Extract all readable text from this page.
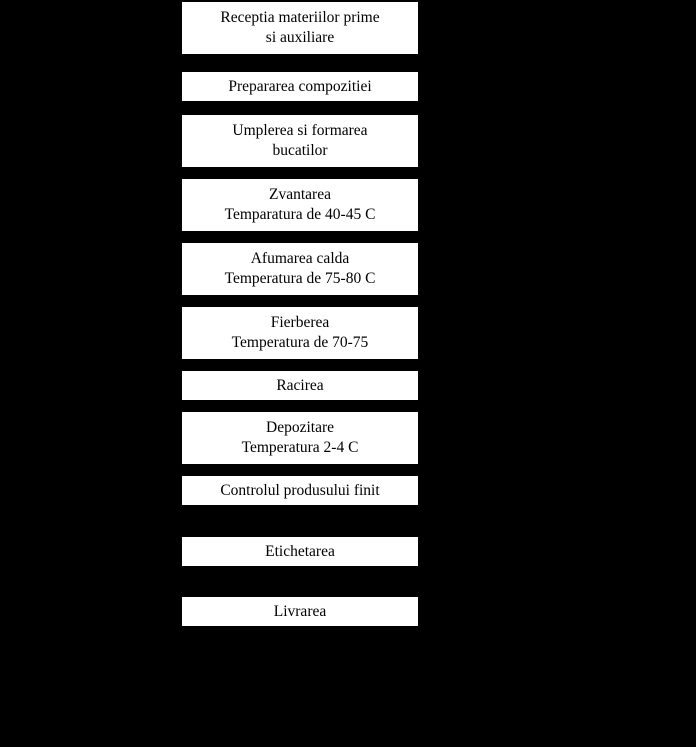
Receptia materiilor prime
si auxiliare
Prepararea compozitiei
Umplerea si formarea
bucatilor
Zvantarea
Temparatura de 40-45 C
Afumarea calda
Temperatura de 75-80 C
Fierberea
Temperatura de 70-75
Racirea
Depozitare
Temperatura 2-4 C
Controlul produsului finit
Etichetarea
Livrarea
